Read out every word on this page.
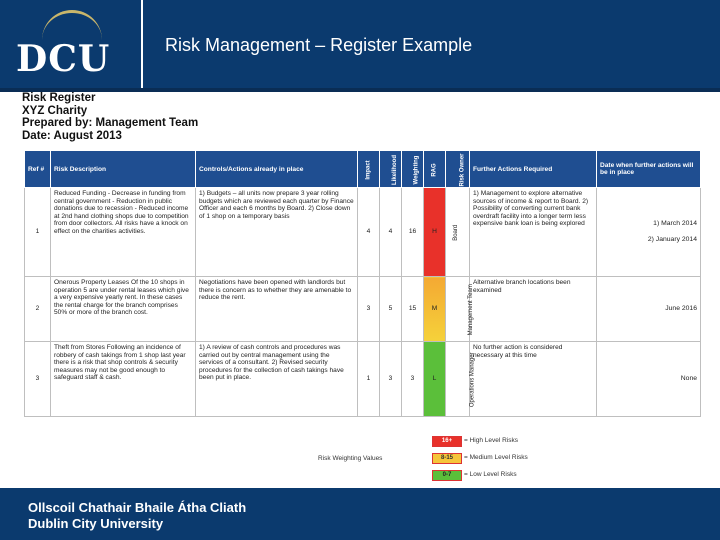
DCU	Risk Management – Register Example
Risk Register
XYZ Charity
Prepared by: Management Team
Date: August 2013
Ref #	Risk Description	Controls/Actions already in place	Impact	Likelihood	Weighting	RAG	Risk Owner	Further Actions Required	Date when further actions will be in place
1	Reduced Funding - Decrease in funding from central government - Reduction in public donations due to recession - Reduced income at 2nd hand clothing shops due to competition from door collectors. All risks have a knock on effect on the charities activities.	1) Budgets – all units now prepare 3 year rolling budgets which are reviewed each quarter by Finance Officer and each 6 months by Board. 2) Close down of 1 shop on a temporary basis	4	4	16	H	Board	1) Management to explore alternative sources of income & report to Board. 2) Possibility of converting current bank overdraft facility into a longer term less expensive bank loan is being explored	1) March 2014
2) January 2014

2	Onerous Property Leases Of the 10 shops in operation 5 are under rental leases which give a very expensive yearly rent. In these cases the rental charge for the branch comprises 50% or more of the branch cost.	Negotiations have been opened with landlords but there is concern as to whether they are amenable to reduce the rent.	3	5	15	M	Management Team	Alternative branch locations been examined	June 2016
3	Theft from Stores Following an incidence of robbery of cash takings from 1 shop last year there is a risk that shop controls & security measures may not be good enough to safeguard staff & cash.	1) A review of cash controls and procedures was carried out by central management using the services of a consultant. 2) Revised security procedures for the collection of cash takings have been put in place.	1	3	3	L	Operations Manager	No further action is considered necessary at this time	None
Risk Weighting Values
16+	= High Level Risks
8-15	= Medium Level Risks
0-7	= Low Level Risks
Ollscoil Chathair Bhaile Átha Cliath
Dublin City University
